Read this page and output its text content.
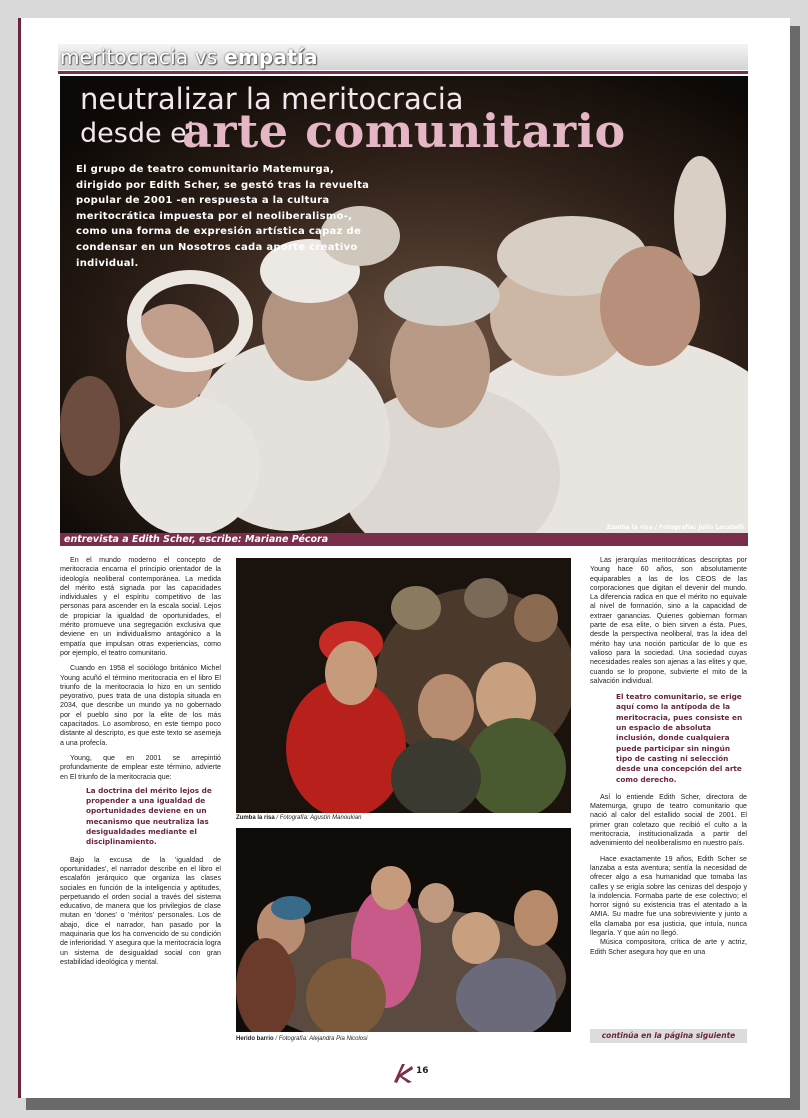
meritocracia vs empatía
neutralizar la meritocracia
desde el
arte comunitario
El grupo de teatro comunitario Matemurga, dirigido por Edith Scher, se gestó tras la revuelta popular de 2001 -en respuesta a la cultura meritocrática impuesta por el neoliberalismo-, como una forma de expresión artística capaz de condensar en un Nosotros cada aporte creativo individual.
Zumba la risa / Fotografía: Julio Locatelli
entrevista a Edith Scher, escribe: Mariane Pécora

En el mundo moderno el concepto de meritocracia encarna el principio orientador de la ideología neoliberal contemporánea. La medida del mérito está signada por las capacidades individuales y el espíritu competitivo de las personas para ascender en la escala social. Lejos de propiciar la igualdad de oportunidades, el mérito promueve una segregación exclusiva que deviene en un individualismo antagónico a la empatía que impulsan otras experiencias, como por ejemplo, el teatro comunitario.

Cuando en 1958 el sociólogo británico Michel Young acuñó el término meritocracia en el libro El triunfo de la meritocracia lo hizo en un sentido peyorativo, pues trata de una distopía situada en 2034, que describe un mundo ya no gobernado por el pueblo sino por la elite de los más capacitados. Lo asombroso, en este tiempo poco distante al descripto, es que este texto se asemeja a una profecía.

Young, que en 2001 se arrepintió profundamente de emplear este término, advierte en El triunfo de la meritocracia que:

La doctrina del mérito lejos de propender a una igualdad de oportunidades deviene en un mecanismo que neutraliza las desigualdades mediante el disciplinamiento.

Bajo la excusa de la 'igualdad de oportunidades', el narrador describe en el libro el escalafón jerárquico que organiza las clases sociales en función de la inteligencia y aptitudes, perpetuando el orden social a través del sistema educativo, de manera que los privilegios de clase mutan en 'dones' o 'méritos' personales. Los de abajo, dice el narrador, han pasado por la maquinaria que los ha convencido de su condición de inferioridad. Y asegura que la meritocracia logra un sistema de desigualdad social con gran estabilidad ideológica y mental.

Zumba la risa / Fotografía: Agustín Manoukian
Herido barrio / Fotografía: Alejandra Pia Nicolosi

Las jerarquías meritocráticas descriptas por Young hace 60 años, son absolutamente equiparables a las de los CEOS de las corporaciones que digitan el devenir del mundo. La diferencia radica en que el mérito no equivale al nivel de formación, sino a la capacidad de extraer ganancias. Quienes gobiernan forman parte de esa elite, o bien sirven a ésta. Pues, desde la perspectiva neoliberal, tras la idea del mérito hay una noción particular de lo que es valioso para la sociedad. Una sociedad cuyas necesidades reales son ajenas a las elites y que, cuando se lo propone, subvierte el mito de la salvación individual.

El teatro comunitario, se erige aquí como la antípoda de la meritocracia, pues consiste en un espacio de absoluta inclusión, donde cualquiera puede participar sin ningún tipo de casting ni selección desde una concepción del arte como derecho.

Así lo entiende Edith Scher, directora de Matemurga, grupo de teatro comunitario que nació al calor del estallido social de 2001. El primer gran coletazo que recibió el culto a la meritocracia, institucionalizada a partir del advenimiento del neoliberalismo en nuestro país.

Hace exactamente 19 años, Edith Scher se lanzaba a esta aventura; sentía la necesidad de ofrecer algo a esa humanidad que tomaba las calles y se erigía sobre las cenizas del despojo y la indolencia. Formaba parte de ese colectivo; el horror signó su existencia tras el atentado a la AMIA. Su madre fue una sobreviviente y junto a ella clamaba por esa justicia, que intuía, nunca llegaría. Y que aún no llegó.

Música compositora, crítica de arte y actriz, Edith Scher asegura hoy que en una

continúa en la página siguiente
16
